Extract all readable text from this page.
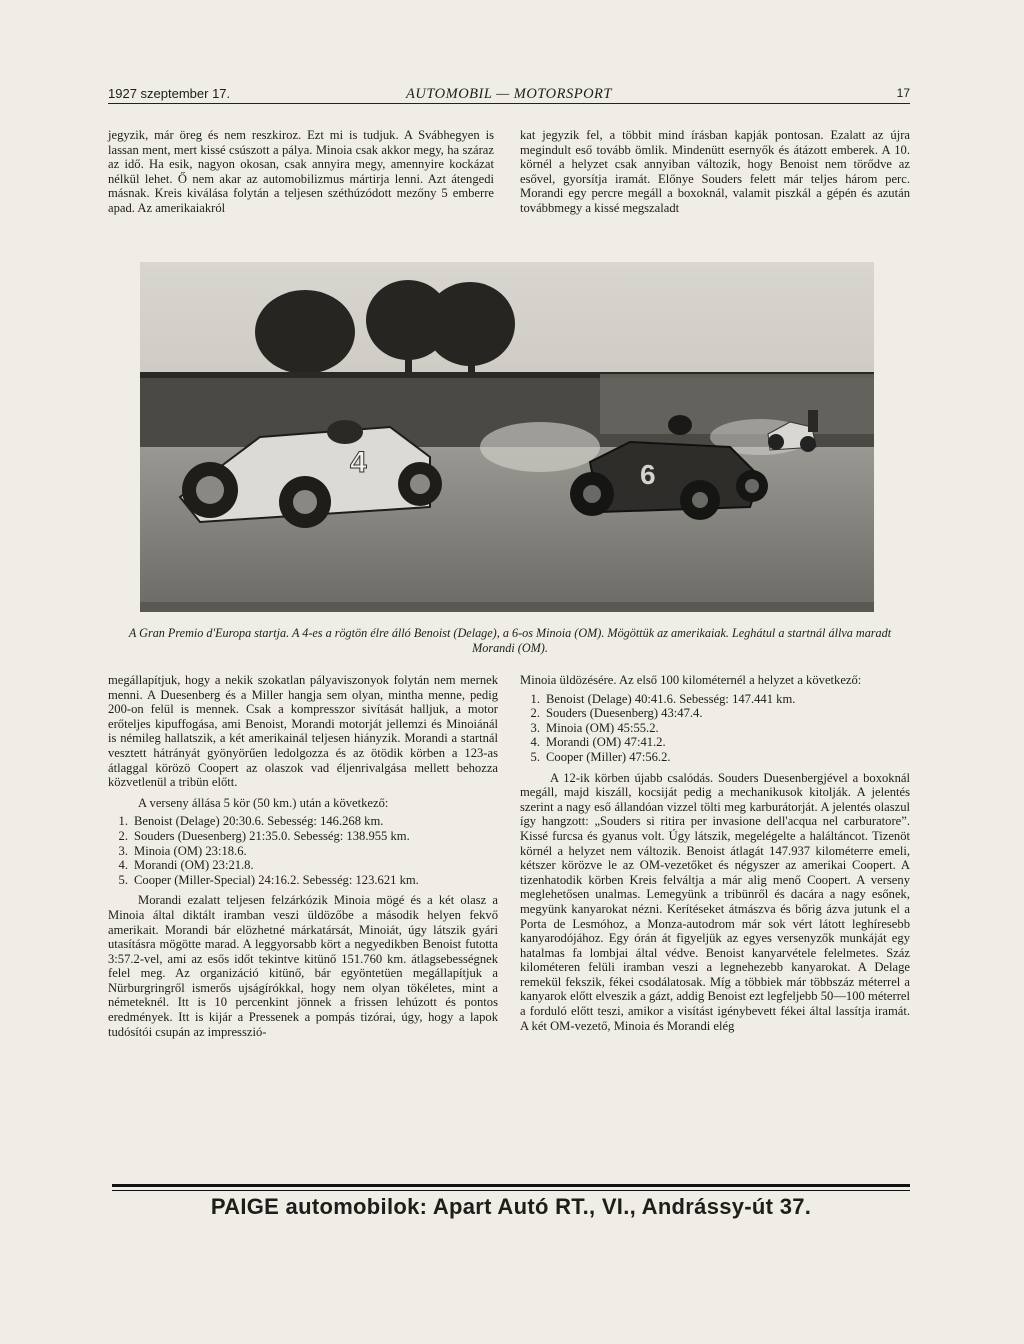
1927 szeptember 17.	AUTOMOBIL — MOTORSPORT	17

jegyzik, már öreg és nem reszkiroz. Ezt mi is tudjuk. A Svábhegyen is lassan ment, mert kissé csúszott a pálya. Minoia csak akkor megy, ha száraz az idő. Ha esik, nagyon okosan, csak annyira megy, amennyire kockázat nélkül lehet. Ő nem akar az automobilizmus mártirja lenni. Azt átengedi másnak. Kreis kiválása folytán a teljesen széthúzódott mezőny 5 emberre apad. Az amerikaiakról

kat jegyzik fel, a többit mind írásban kapják pontosan. Ezalatt az újra megindult eső tovább ömlik. Mindenütt esernyők és átázott emberek. A 10. körnél a helyzet csak annyiban változik, hogy Benoist nem törődve az esővel, gyorsítja iramát. Előnye Souders felett már teljes három perc. Morandi egy percre megáll a boxoknál, valamit piszkál a gépén és azután továbbmegy a kissé megszaladt

4	6
A Gran Premio d'Europa startja. A 4-es a rögtön élre álló Benoist (Delage), a 6-os Minoia (OM). Mögöttük az amerikaiak. Leghátul a startnál állva maradt Morandi (OM).

megállapítjuk, hogy a nekik szokatlan pályaviszonyok folytán nem mernek menni. A Duesenberg és a Miller hangja sem olyan, mintha menne, pedig 200-on felül is mennek. Csak a kompresszor sivítását halljuk, a motor erőteljes kipuffogása, ami Benoist, Morandi motorját jellemzi és Minoiánál is némileg hallatszik, a két amerikainál teljesen hiányzik. Morandi a startnál vesztett hátrányát gyönyörűen ledolgozza és az ötödik körben a 123-as átlaggal körözö Coopert az olaszok vad éljenrivalgása mellett behozza közvetlenül a tribün előtt.

A verseny állása 5 kör (50 km.) után a következő:

1. Benoist (Delage) 20:30.6. Sebesség: 146.268 km.

2. Souders (Duesenberg) 21:35.0. Sebesség: 138.955 km.

3. Minoia (OM) 23:18.6.

4. Morandi (OM) 23:21.8.

5. Cooper (Miller-Special) 24:16.2. Sebesség: 123.621 km.

Morandi ezalatt teljesen felzárkózik Minoia mögé és a két olasz a Minoia által diktált iramban veszi üldözőbe a második helyen fekvő amerikait. Morandi bár elözhetné márkatársát, Minoiát, úgy látszik gyári utasításra mögötte marad. A leggyorsabb kört a negyedikben Benoist futotta 3:57.2-vel, ami az esős időt tekintve kitünő 151.760 km. átlagsebességnek felel meg. Az organizáció kitünő, bár egyöntetüen megállapítjuk a Nürburgringről ismerős ujságírókkal, hogy nem olyan tökéletes, mint a németeknél. Itt is 10 percenkint jönnek a frissen lehúzott és pontos eredmények. Itt is kijár a Pressenek a pompás tizórai, úgy, hogy a lapok tudósítói csupán az impresszió-

Minoia üldözésére. Az első 100 kilométernél a helyzet a következő:

1. Benoist (Delage) 40:41.6. Sebesség: 147.441 km.

2. Souders (Duesenberg) 43:47.4.

3. Minoia (OM) 45:55.2.

4. Morandi (OM) 47:41.2.

5. Cooper (Miller) 47:56.2.

A 12-ik körben újabb csalódás. Souders Duesenbergjével a boxoknál megáll, majd kiszáll, kocsiját pedig a mechanikusok kitolják. A jelentés szerint a nagy eső állandóan vizzel tölti meg karburátorját. A jelentés olaszul így hangzott: „Souders si ritira per invasione dell'acqua nel carburatore”. Kissé furcsa és gyanus volt. Úgy látszik, megelégelte a haláltáncot. Tizenöt körnél a helyzet nem változik. Benoist átlagát 147.937 kilométerre emeli, kétszer körözve le az OM-vezetőket és négyszer az amerikai Coopert. A tizenhatodik körben Kreis felváltja a már alig menő Coopert. A verseny meglehetősen unalmas. Lemegyünk a tribünről és dacára a nagy esőnek, megyünk kanyarokat nézni. Kerítéseket átmászva és bőrig ázva jutunk el a Porta de Lesmóhoz, a Monza-autodrom már sok vért látott leghíresebb kanyarodójához. Egy órán át figyeljük az egyes versenyzők munkáját egy hatalmas fa lombjai által védve. Benoist kanyarvétele felelmetes. Száz kilométeren felüli iramban veszi a legnehezebb kanyarokat. A Delage remekül fekszik, fékei csodálatosak. Míg a többiek már többszáz méterrel a kanyarok előtt elveszik a gázt, addig Benoist ezt legfeljebb 50—100 méterrel a forduló előtt teszi, amikor a visítást igénybevett fékei által lassítja iramát. A két OM-vezető, Minoia és Morandi elég

PAIGE automobilok: Apart Autó RT., VI., Andrássy-út 37.
